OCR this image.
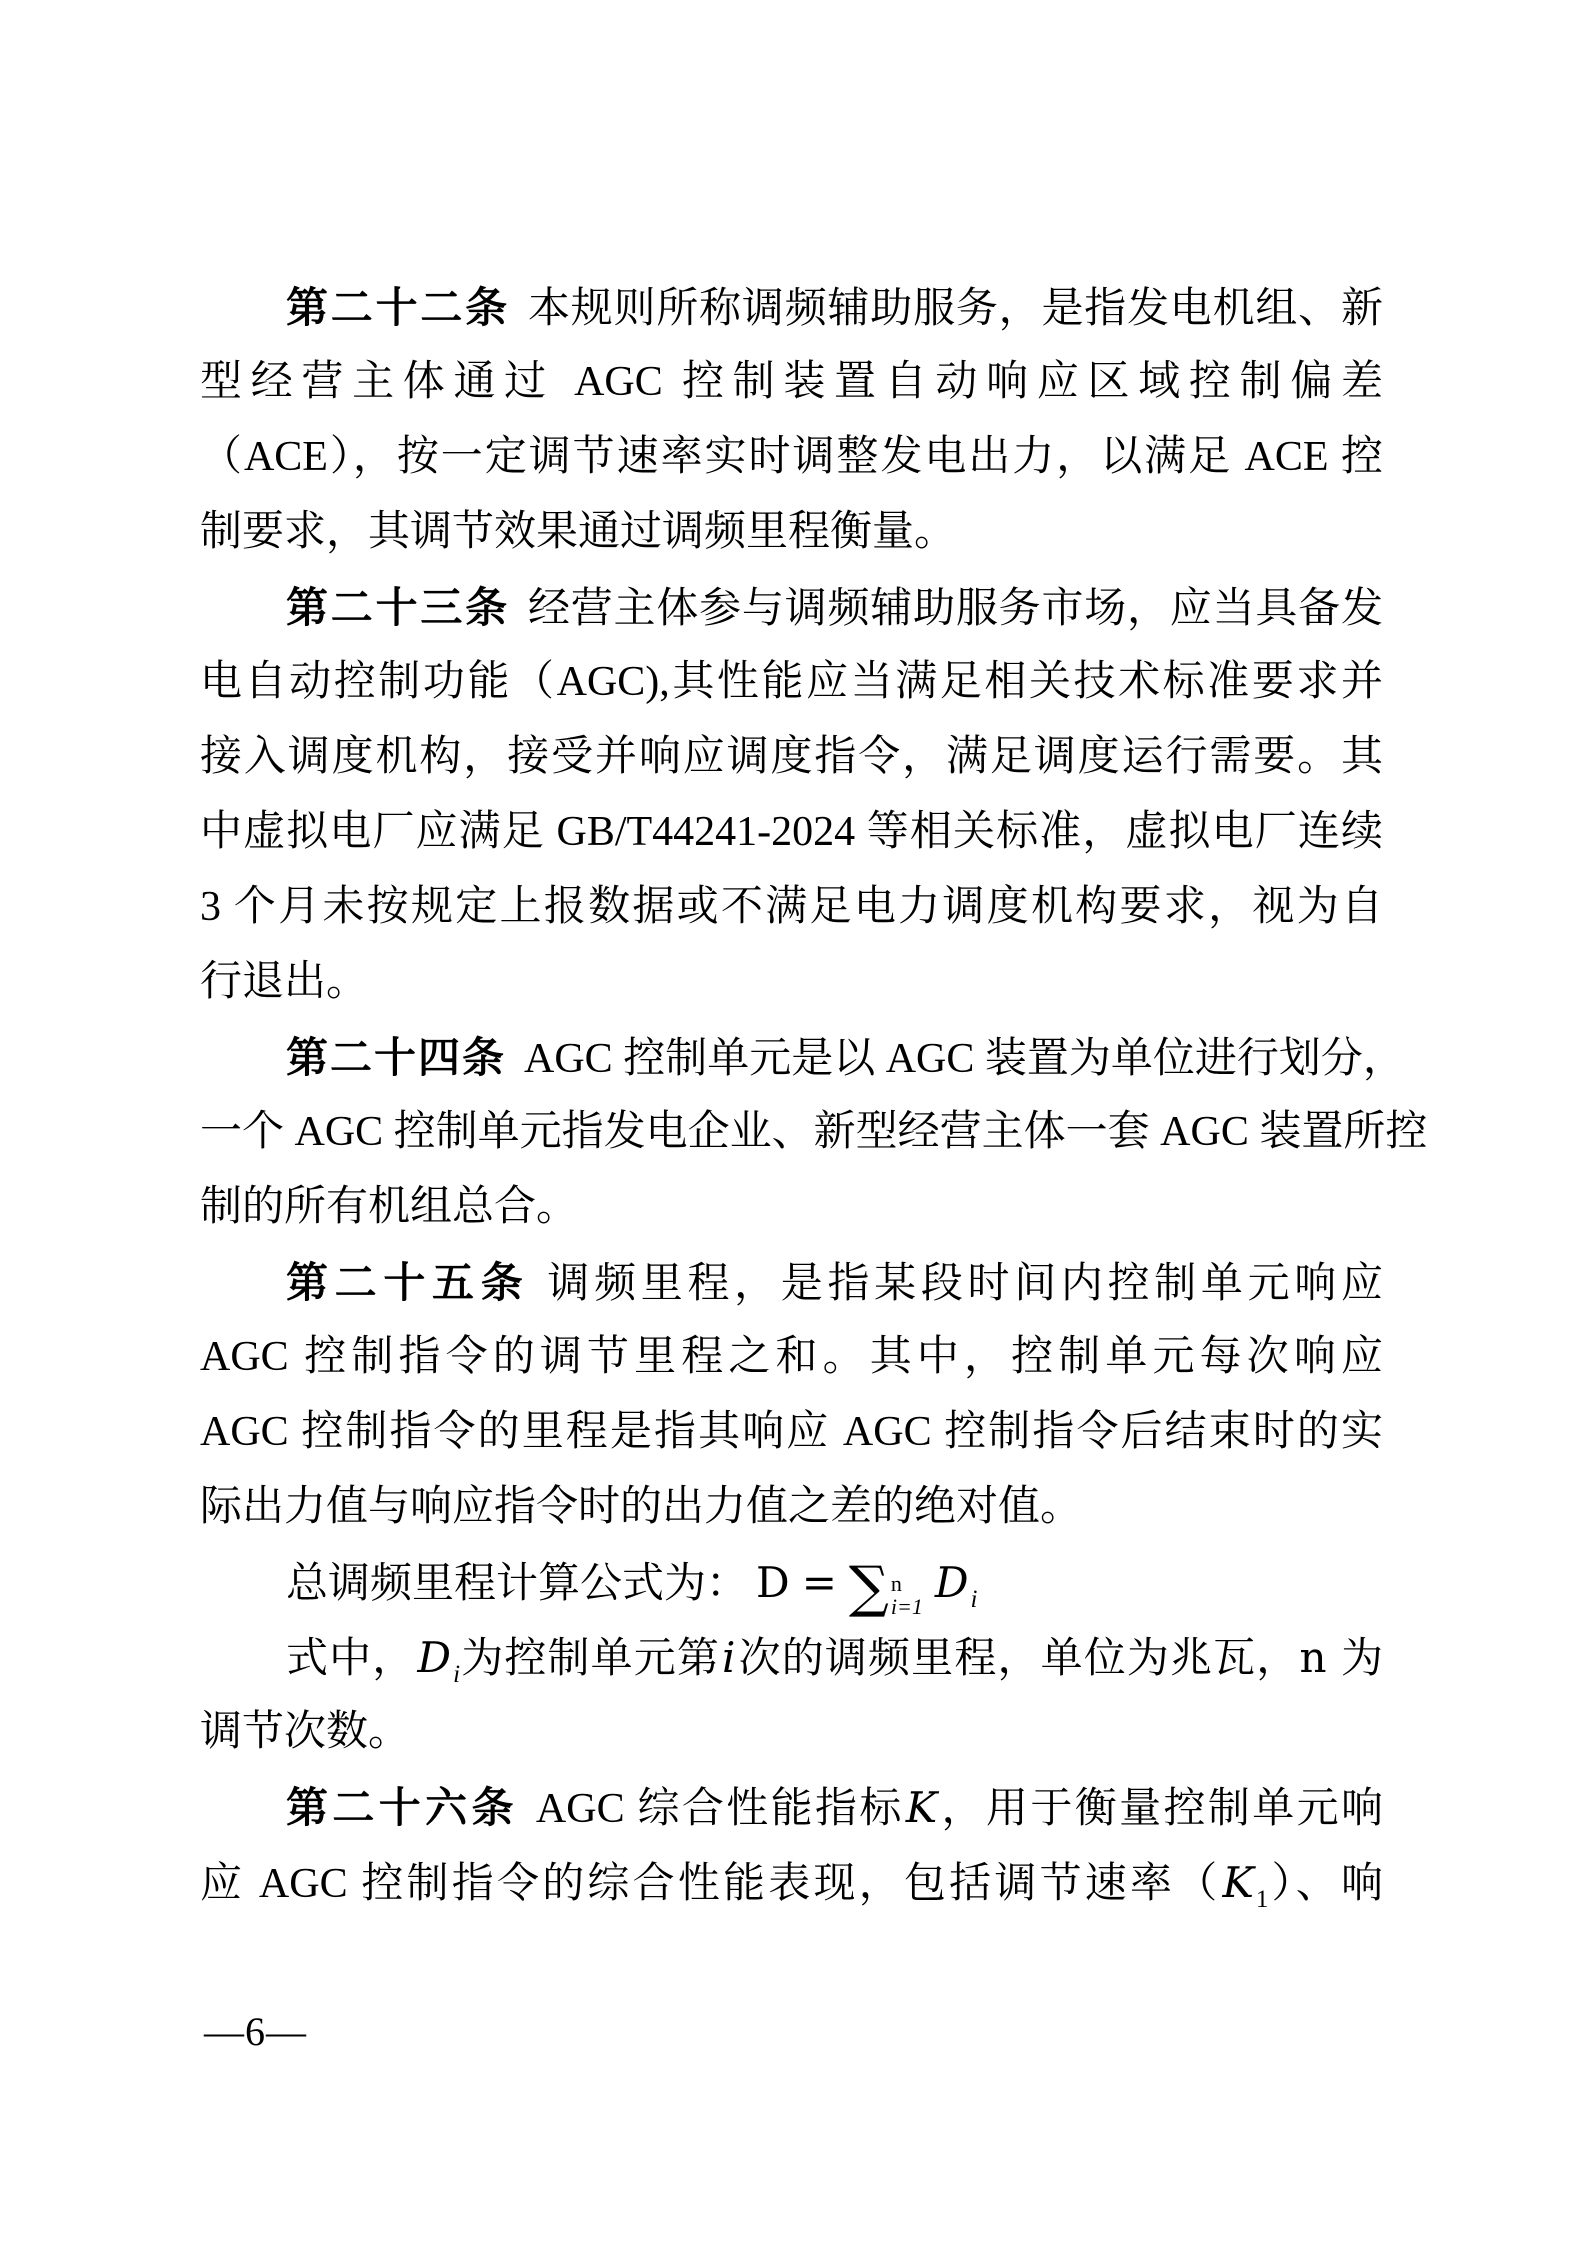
第二十二条 本规则所称调频辅助服务，是指发电机组、新
型经营主体通过 AGC 控制装置自动响应区域控制偏差
（ACE），按一定调节速率实时调整发电出力，以满足 ACE 控
制要求，其调节效果通过调频里程衡量。
第二十三条 经营主体参与调频辅助服务市场，应当具备发
电自动控制功能（AGC),其性能应当满足相关技术标准要求并
接入调度机构，接受并响应调度指令，满足调度运行需要。其
中虚拟电厂应满足 GB/T44241-2024 等相关标准，虚拟电厂连续
3 个月未按规定上报数据或不满足电力调度机构要求，视为自
行退出。
第二十四条 AGC 控制单元是以 AGC 装置为单位进行划分，
一个 AGC 控制单元指发电企业、新型经营主体一套 AGC 装置所控
制的所有机组总合。
第二十五条 调频里程，是指某段时间内控制单元响应
AGC 控制指令的调节里程之和。其中，控制单元每次响应
AGC 控制指令的里程是指其响应 AGC 控制指令后结束时的实
际出力值与响应指令时的出力值之差的绝对值。
总调频里程计算公式为： D = ∑ n
i=1 $D_i$
式中，$D_i$为控制单元第i次的调频里程，单位为兆瓦，n 为
调节次数。
第二十六条 AGC 综合性能指标K，用于衡量控制单元响
应 AGC 控制指令的综合性能表现，包括调节速率$(K_1)$、响
—6—
